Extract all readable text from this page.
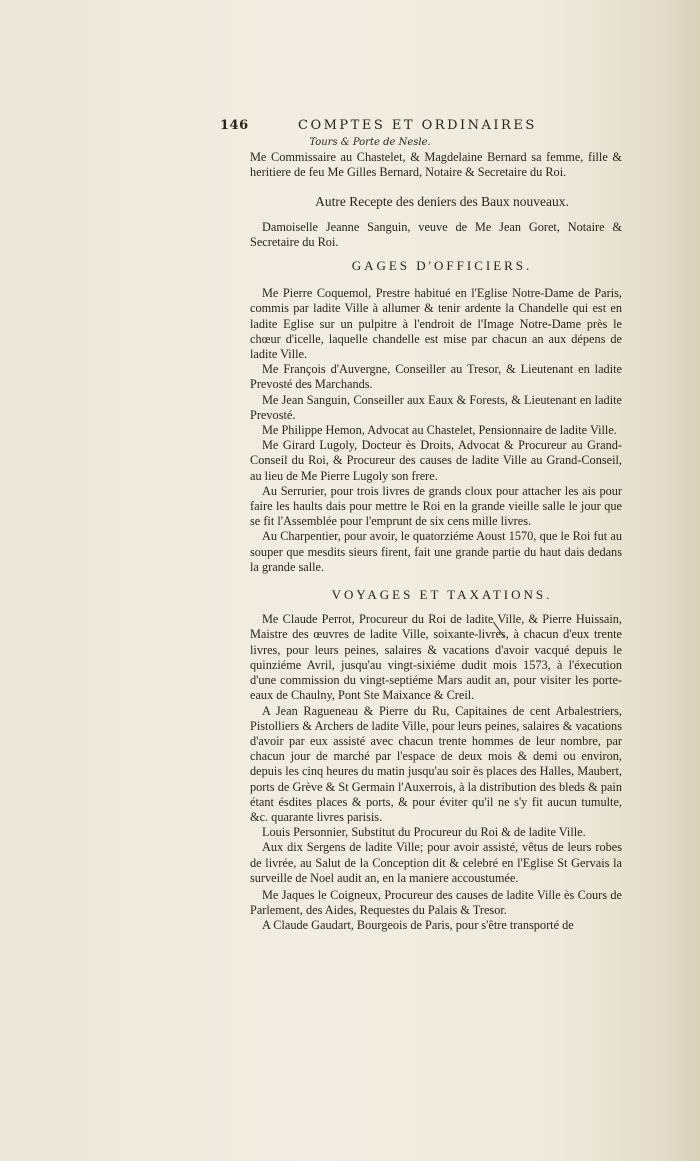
146	COMPTES ET ORDINAIRES
Tours & Porte de Nesle.

Me Commissaire au Chastelet, & Magdelaine Bernard sa femme, fille & heritiere de feu Me Gilles Bernard, Notaire & Secretaire du Roi.

Autre Recepte des deniers des Baux nouveaux.

Damoiselle Jeanne Sanguin, veuve de Me Jean Goret, Notaire & Secretaire du Roi.

GAGES D'OFFICIERS.

Me Pierre Coquemol, Prestre habitué en l'Eglise Notre-Dame de Paris, commis par ladite Ville à allumer & tenir ardente la Chandelle qui est en ladite Eglise sur un pulpitre à l'endroit de l'Image Notre-Dame près le chœur d'icelle, laquelle chandelle est mise par chacun an aux dépens de ladite Ville.

Me François d'Auvergne, Conseiller au Tresor, & Lieutenant en ladite Prevosté des Marchands.

Me Jean Sanguin, Conseiller aux Eaux & Forests, & Lieutenant en ladite Prevosté.

Me Philippe Hemon, Advocat au Chastelet, Pensionnaire de ladite Ville.

Me Girard Lugoly, Docteur ès Droits, Advocat & Procureur au Grand-Conseil du Roi, & Procureur des causes de ladite Ville au Grand-Conseil, au lieu de Me Pierre Lugoly son frere.

Au Serrurier, pour trois livres de grands cloux pour attacher les ais pour faire les haults dais pour mettre le Roi en la grande vieille salle le jour que se fit l'Assemblée pour l'emprunt de six cens mille livres.

Au Charpentier, pour avoir, le quatorziéme Aoust 1570, que le Roi fut au souper que mesdits sieurs firent, fait une grande partie du haut dais dedans la grande salle.

VOYAGES ET TAXATIONS.

Me Claude Perrot, Procureur du Roi de ladite Ville, & Pierre Huissain, Maistre des œuvres de ladite Ville, soixante-livres, à chacun d'eux trente livres, pour leurs peines, salaires & vacations d'avoir vacqué depuis le quinziéme Avril, jusqu'au vingt-sixiéme dudit mois 1573, à l'éxecution d'une commission du vingt-septiéme Mars audit an, pour visiter les porte-eaux de Chaulny, Pont Ste Maixance & Creil.

A Jean Ragueneau & Pierre du Ru, Capitaines de cent Arbalestriers, Pistolliers & Archers de ladite Ville, pour leurs peines, salaires & vacations d'avoir par eux assisté avec chacun trente hommes de leur nombre, par chacun jour de marché par l'espace de deux mois & demi ou environ, depuis les cinq heures du matin jusqu'au soir ès places des Halles, Maubert, ports de Grève & St Germain l'Auxerrois, à la distribution des bleds & pain étant ésdites places & ports, & pour éviter qu'il ne s'y fit aucun tumulte, &c. quarante livres parisis.

Louis Personnier, Substitut du Procureur du Roi & de ladite Ville.

Aux dix Sergens de ladite Ville; pour avoir assisté, vêtus de leurs robes de livrée, au Salut de la Conception dit & celebré en l'Eglise St Gervais la surveille de Noel audit an, en la maniere accoustumée.

Me Jaques le Coigneux, Procureur des causes de ladite Ville ès Cours de Parlement, des Aides, Requestes du Palais & Tresor.

A Claude Gaudart, Bourgeois de Paris, pour s'être transporté de
